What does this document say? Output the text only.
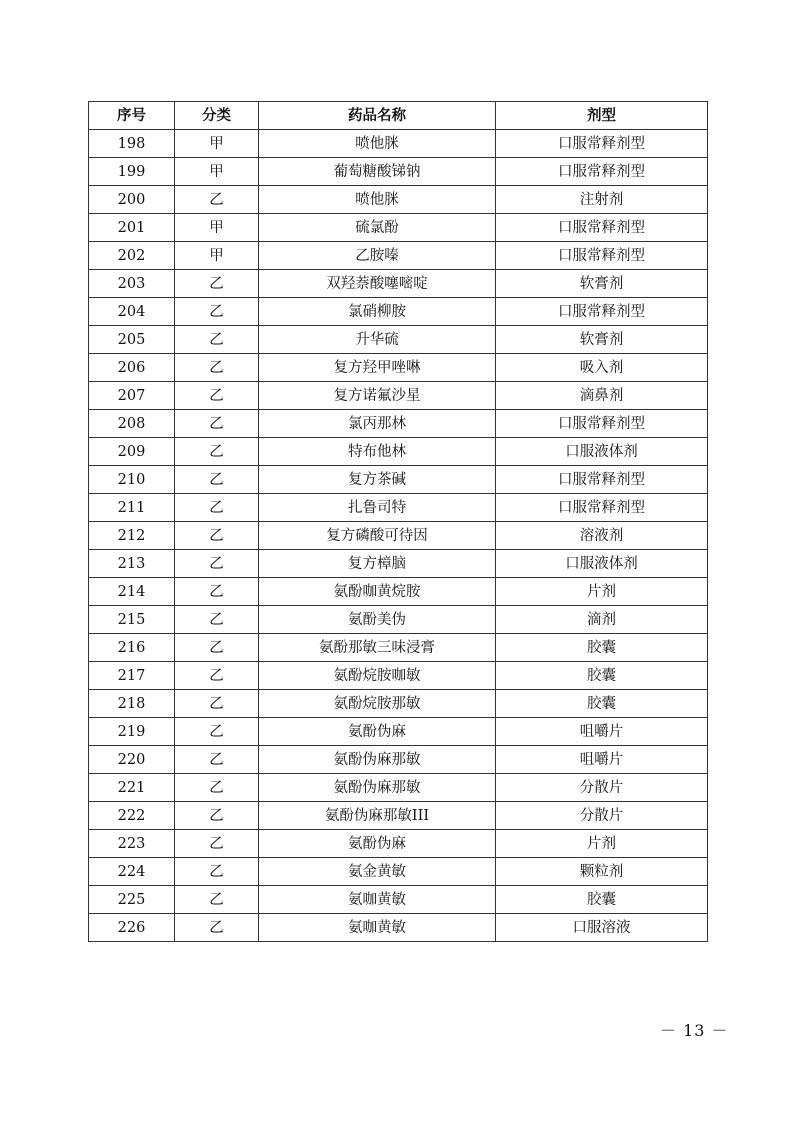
序号	分类	药品名称	剂型
198	甲	喷他脒	口服常释剂型
199	甲	葡萄糖酸锑钠	口服常释剂型
200	乙	喷他脒	注射剂
201	甲	硫氯酚	口服常释剂型
202	甲	乙胺嗪	口服常释剂型
203	乙	双羟萘酸噻嘧啶	软膏剂
204	乙	氯硝柳胺	口服常释剂型
205	乙	升华硫	软膏剂
206	乙	复方羟甲唑啉	吸入剂
207	乙	复方诺氟沙星	滴鼻剂
208	乙	氯丙那林	口服常释剂型
209	乙	特布他林	口服液体剂
210	乙	复方茶碱	口服常释剂型
211	乙	扎鲁司特	口服常释剂型
212	乙	复方磷酸可待因	溶液剂
213	乙	复方樟脑	口服液体剂
214	乙	氨酚咖黄烷胺	片剂
215	乙	氨酚美伪	滴剂
216	乙	氨酚那敏三味浸膏	胶囊
217	乙	氨酚烷胺咖敏	胶囊
218	乙	氨酚烷胺那敏	胶囊
219	乙	氨酚伪麻	咀嚼片
220	乙	氨酚伪麻那敏	咀嚼片
221	乙	氨酚伪麻那敏	分散片
222	乙	氨酚伪麻那敏III	分散片
223	乙	氨酚伪麻	片剂
224	乙	氨金黄敏	颗粒剂
225	乙	氨咖黄敏	胶囊
226	乙	氨咖黄敏	口服溶液
－ 13 －
